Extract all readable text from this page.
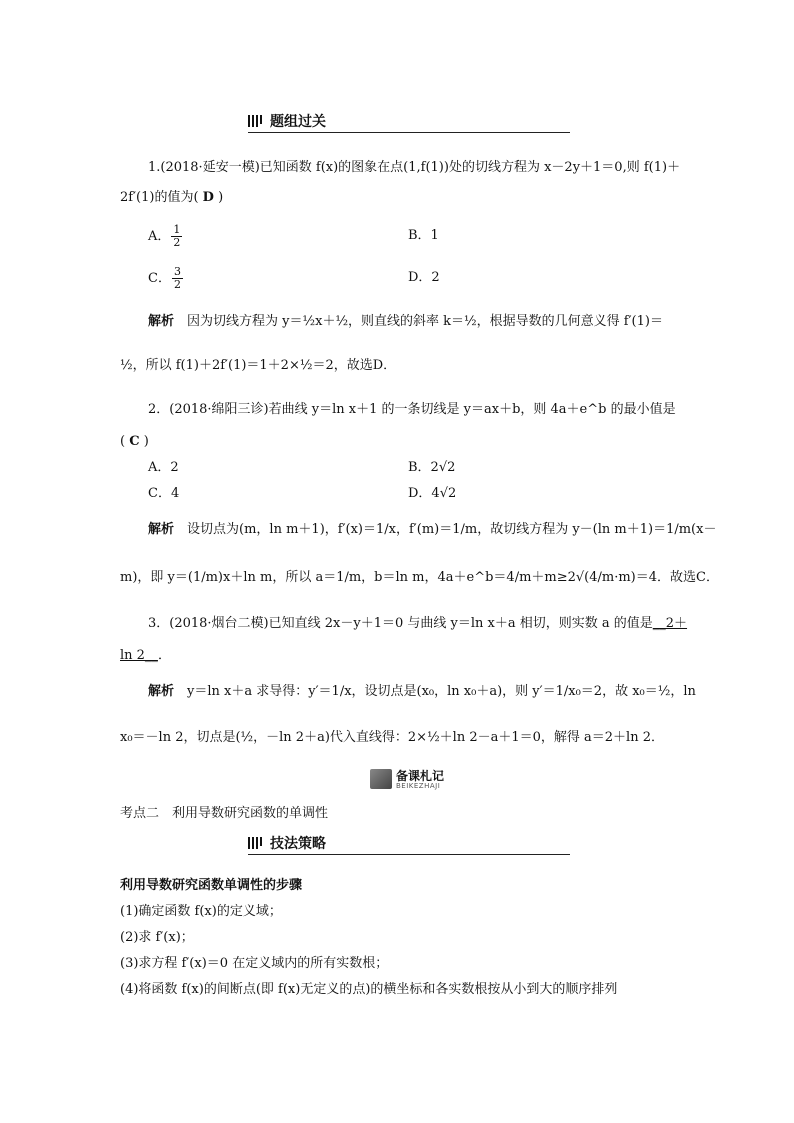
题组过关
1.(2018·延安一模)已知函数 f(x)的图象在点(1,f(1))处的切线方程为 x－2y＋1＝0,则 f(1)＋
2f′(1)的值为( D )
A． $\frac{1}{2}$	B．1
C． $\frac{3}{2}$	D．2
解析　 因为切线方程为 y＝½x＋½，则直线的斜率 k＝½，根据导数的几何意义得 f′(1)＝
½，所以 f(1)＋2f′(1)＝1＋2×½＝2，故选D．
2．(2018·绵阳三诊)若曲线 y＝ln x＋1 的一条切线是 y＝ax＋b，则 4a＋e^b 的最小值是
( C )
A．2	B．2√2
C．4	D．4√2
解析　 设切点为(m，ln m＋1)，f′(x)＝1/x，f′(m)＝1/m，故切线方程为 y－(ln m＋1)＝1/m(x－
m)，即 y＝(1/m)x＋ln m，所以 a＝1/m，b＝ln m，4a＋e^b＝4/m＋m≥2√(4/m·m)＝4．故选C．
3．(2018·烟台二模)已知直线 2x－y＋1＝0 与曲线 y＝ln x＋a 相切，则实数 a 的值是__2＋
ln 2__．
解析　 y＝ln x＋a 求导得：y′＝1/x，设切点是(x₀，ln x₀＋a)，则 y′＝1/x₀＝2，故 x₀＝½，ln
x₀＝－ln 2，切点是(½，－ln 2＋a)代入直线得：2×½＋ln 2－a＋1＝0，解得 a＝2＋ln 2．
备课札记
BEIKEZHAJI
考点二　利用导数研究函数的单调性
技法策略
利用导数研究函数单调性的步骤
(1)确定函数 f(x)的定义域；
(2)求 f′(x)；
(3)求方程 f′(x)＝0 在定义域内的所有实数根；
(4)将函数 f(x)的间断点(即 f(x)无定义的点)的横坐标和各实数根按从小到大的顺序排列
